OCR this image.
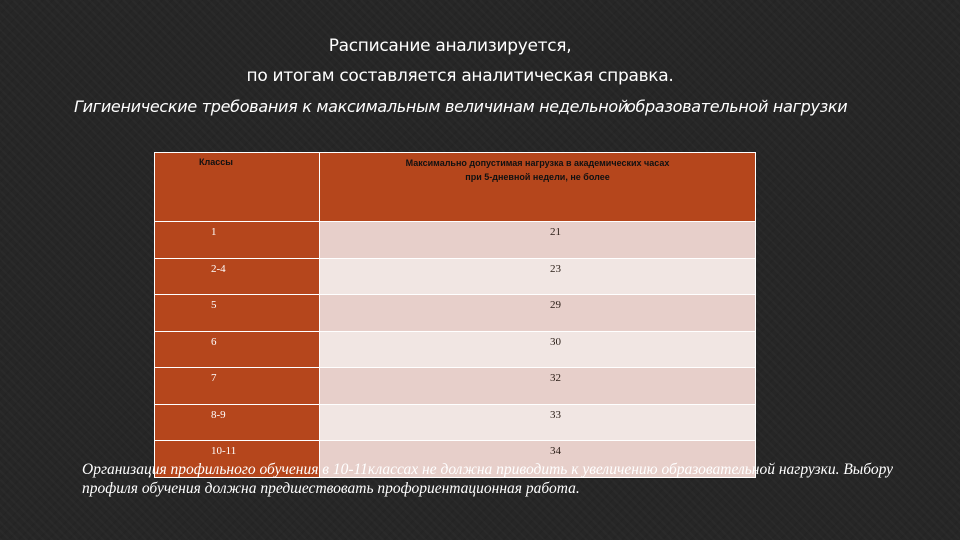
Расписание анализируется,
по итогам составляется аналитическая справка.
Гигиенические требования к максимальным величинам недельной
образовательной нагрузки
Классы	Максимально допустимая нагрузка в академических часах
при 5-дневной недели, не более
1	21
2-4	23
5	29
6	30
7	32
8-9	33
10-11	34
Организация профильного обучения в 10-11классах не должна приводить к увеличению образовательной нагрузки. Выбору профиля обучения должна предшествовать профориентационная работа.
